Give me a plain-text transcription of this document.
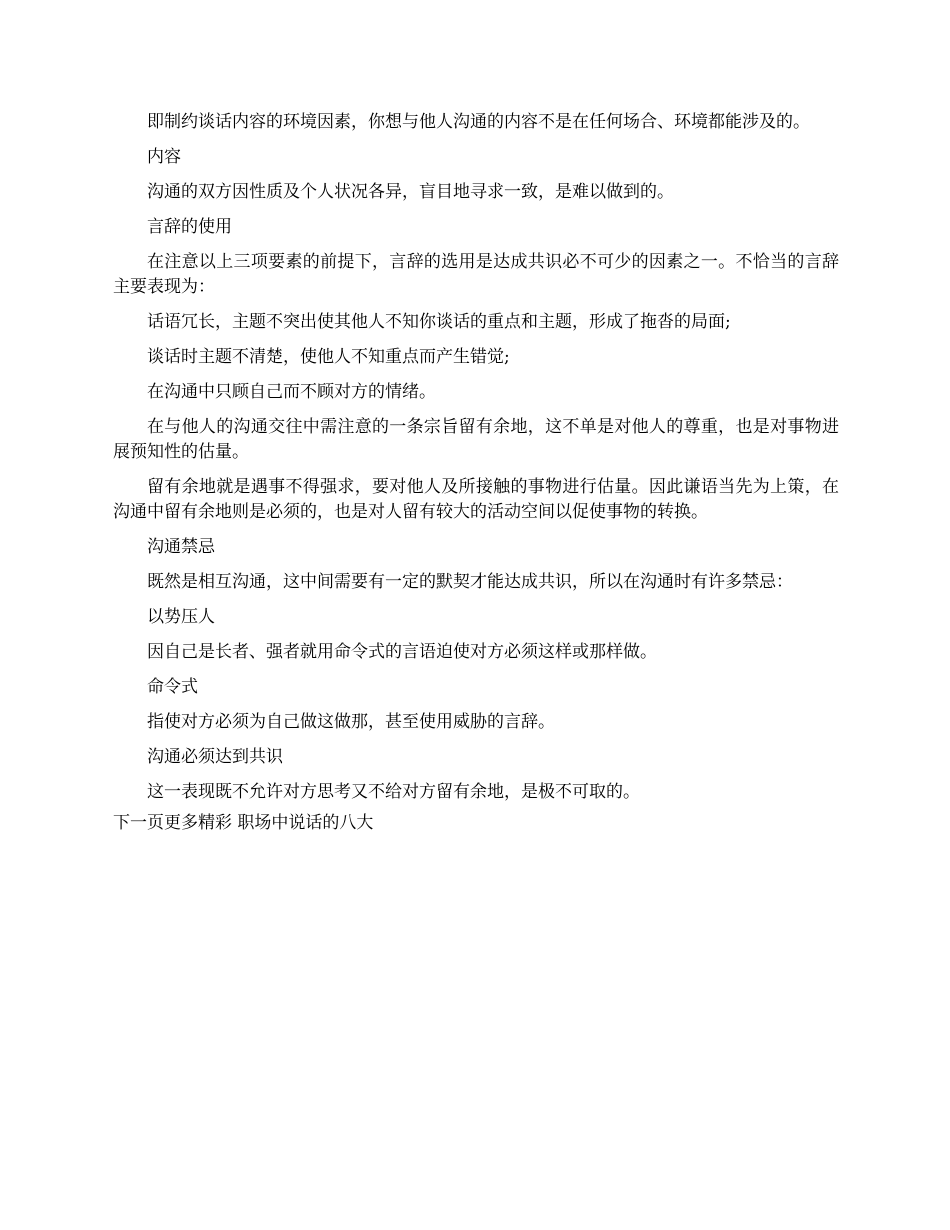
即制约谈话内容的环境因素，你想与他人沟通的内容不是在任何场合、环境都能涉及的。

内容

沟通的双方因性质及个人状况各异，盲目地寻求一致，是难以做到的。

言辞的使用

在注意以上三项要素的前提下，言辞的选用是达成共识必不可少的因素之一。不恰当的言辞主要表现为：

话语冗长，主题不突出使其他人不知你谈话的重点和主题，形成了拖沓的局面;

谈话时主题不清楚，使他人不知重点而产生错觉;

在沟通中只顾自己而不顾对方的情绪。

在与他人的沟通交往中需注意的一条宗旨留有余地，这不单是对他人的尊重，也是对事物进展预知性的估量。

留有余地就是遇事不得强求，要对他人及所接触的事物进行估量。因此谦语当先为上策，在沟通中留有余地则是必须的，也是对人留有较大的活动空间以促使事物的转换。

沟通禁忌

既然是相互沟通，这中间需要有一定的默契才能达成共识，所以在沟通时有许多禁忌：

以势压人

因自己是长者、强者就用命令式的言语迫使对方必须这样或那样做。

命令式

指使对方必须为自己做这做那，甚至使用威胁的言辞。

沟通必须达到共识

这一表现既不允许对方思考又不给对方留有余地，是极不可取的。

下一页更多精彩 职场中说话的八大
